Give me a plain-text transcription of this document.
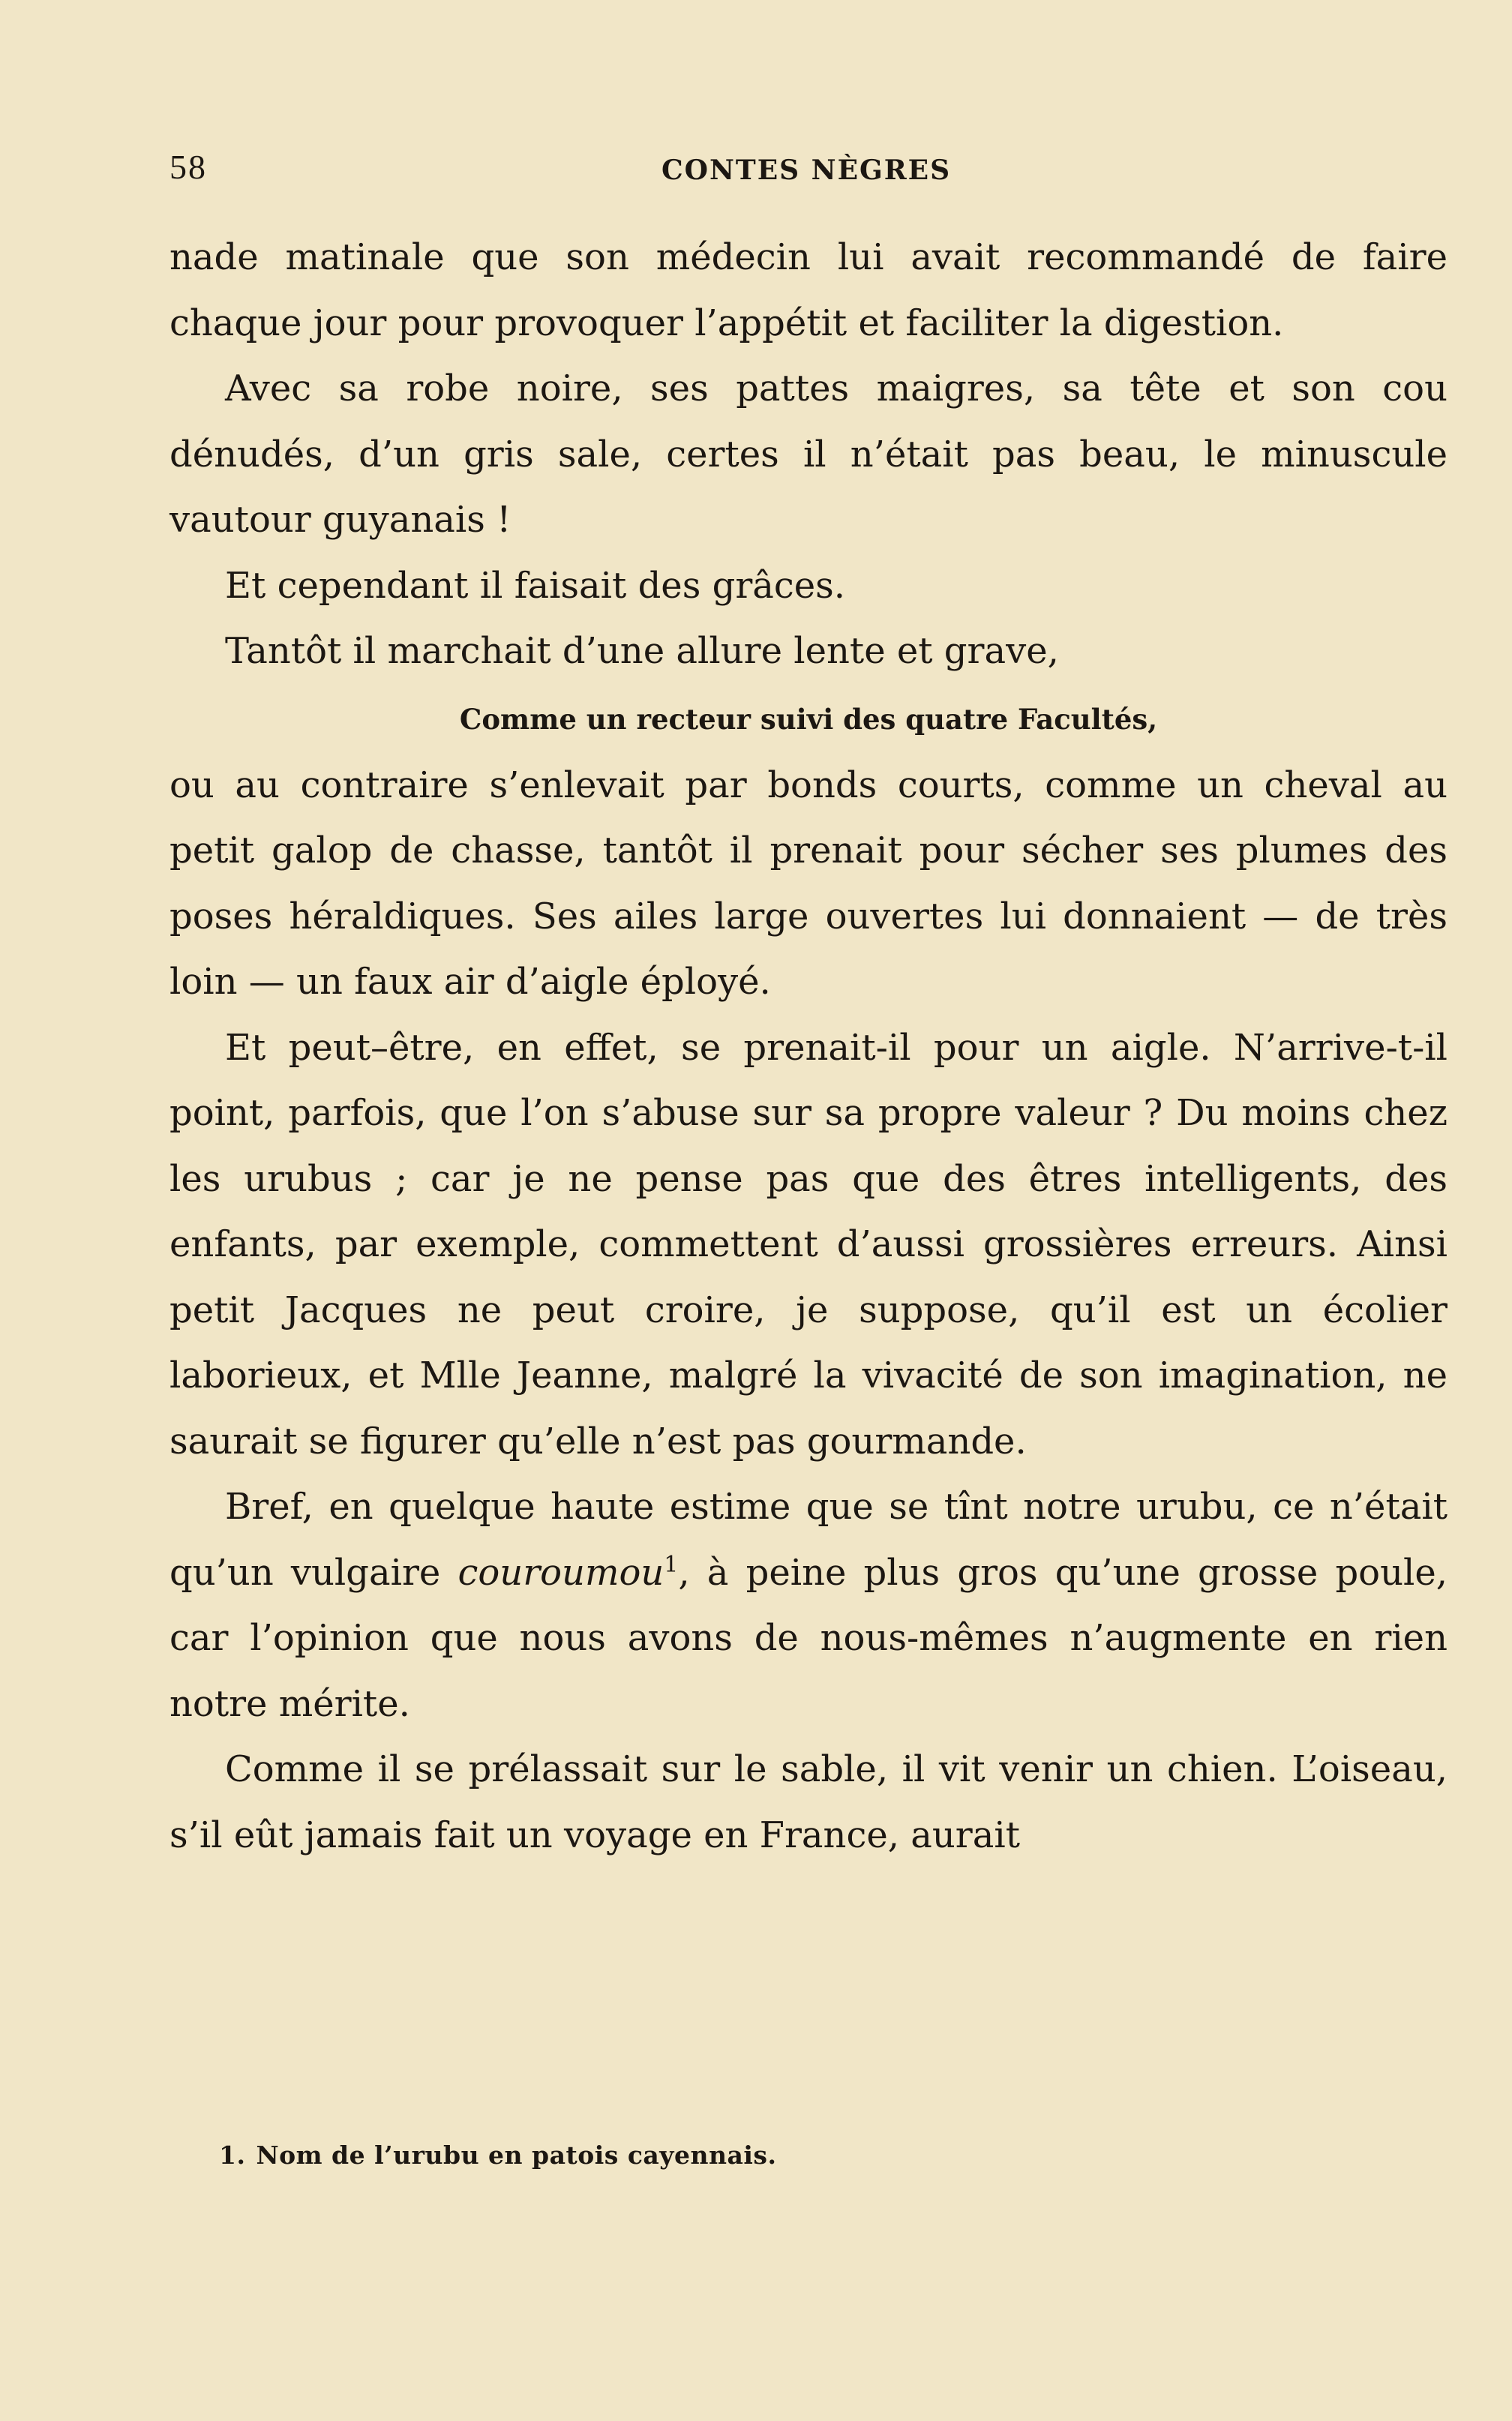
58	CONTES NÈGRES

nade matinale que son médecin lui avait recommandé de faire chaque jour pour provoquer l’appétit et faciliter la digestion.

Avec sa robe noire, ses pattes maigres, sa tête et son cou dénudés, d’un gris sale, certes il n’était pas beau, le minuscule vautour guyanais !

Et cependant il faisait des grâces.

Tantôt il marchait d’une allure lente et grave,

Comme un recteur suivi des quatre Facultés,

ou au contraire s’enlevait par bonds courts, comme un cheval au petit galop de chasse, tantôt il prenait pour sécher ses plumes des poses héraldiques. Ses ailes large ouvertes lui donnaient — de très loin — un faux air d’aigle éployé.

Et peut–être, en effet, se prenait-il pour un aigle. N’arrive-t-il point, parfois, que l’on s’abuse sur sa propre valeur ? Du moins chez les urubus ; car je ne pense pas que des êtres intelligents, des enfants, par exemple, commettent d’aussi grossières erreurs. Ainsi petit Jacques ne peut croire, je suppose, qu’il est un écolier laborieux, et Mlle Jeanne, malgré la vivacité de son imagination, ne saurait se figurer qu’elle n’est pas gourmande.

Bref, en quelque haute estime que se tînt notre urubu, ce n’était qu’un vulgaire couroumou$^1$, à peine plus gros qu’une grosse poule, car l’opinion que nous avons de nous-mêmes n’augmente en rien notre mérite.

Comme il se prélassait sur le sable, il vit venir un chien. L’oiseau, s’il eût jamais fait un voyage en France, aurait

1. Nom de l’urubu en patois cayennais.
